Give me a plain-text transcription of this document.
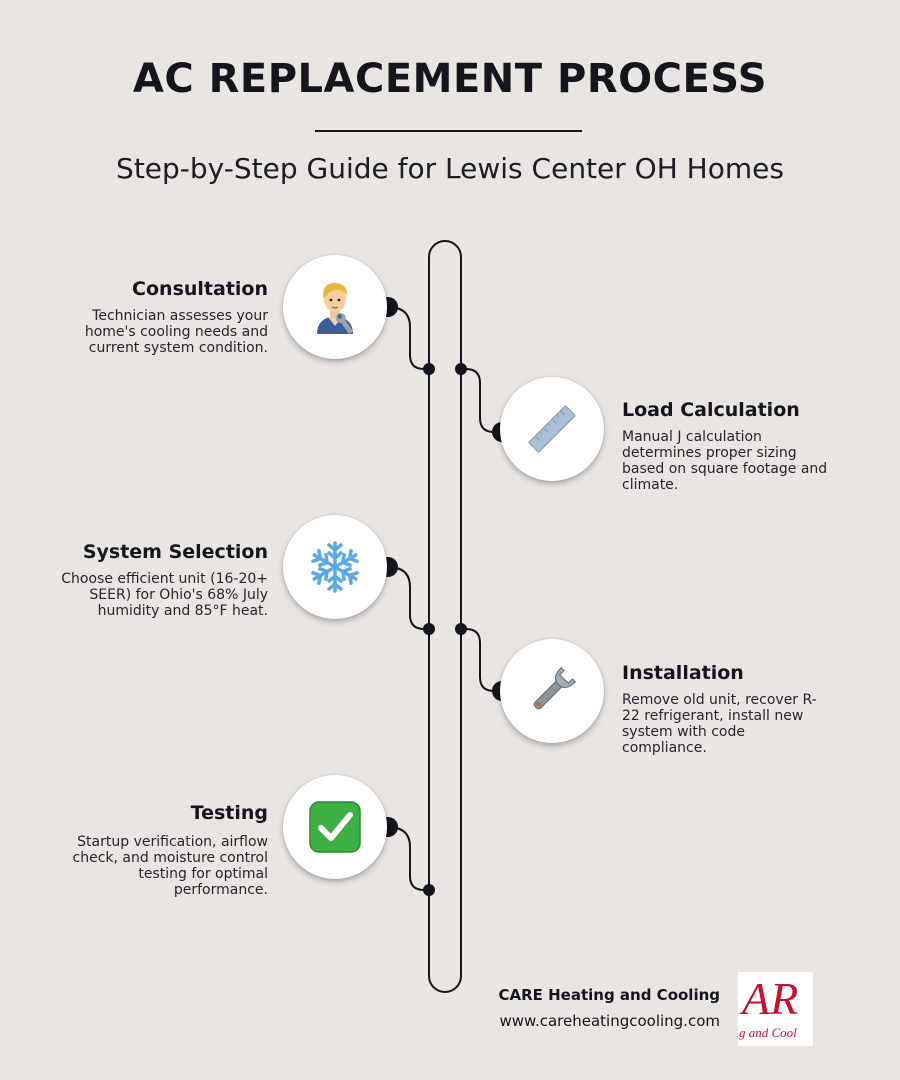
AC REPLACEMENT PROCESS
Step-by-Step Guide for Lewis Center OH Homes
Consultation

Technician assesses your home's cooling needs and current system condition.

Load Calculation

Manual J calculation determines proper sizing based on square footage and climate.

System Selection

Choose efficient unit (16-20+ SEER) for Ohio's 68% July humidity and 85°F heat.

Installation

Remove old unit, recover R-22 refrigerant, install new system with code compliance.

Testing

Startup verification, airflow check, and moisture control testing for optimal performance.

CARE Heating and Cooling
www.careheatingcooling.com AR
g and Cool
